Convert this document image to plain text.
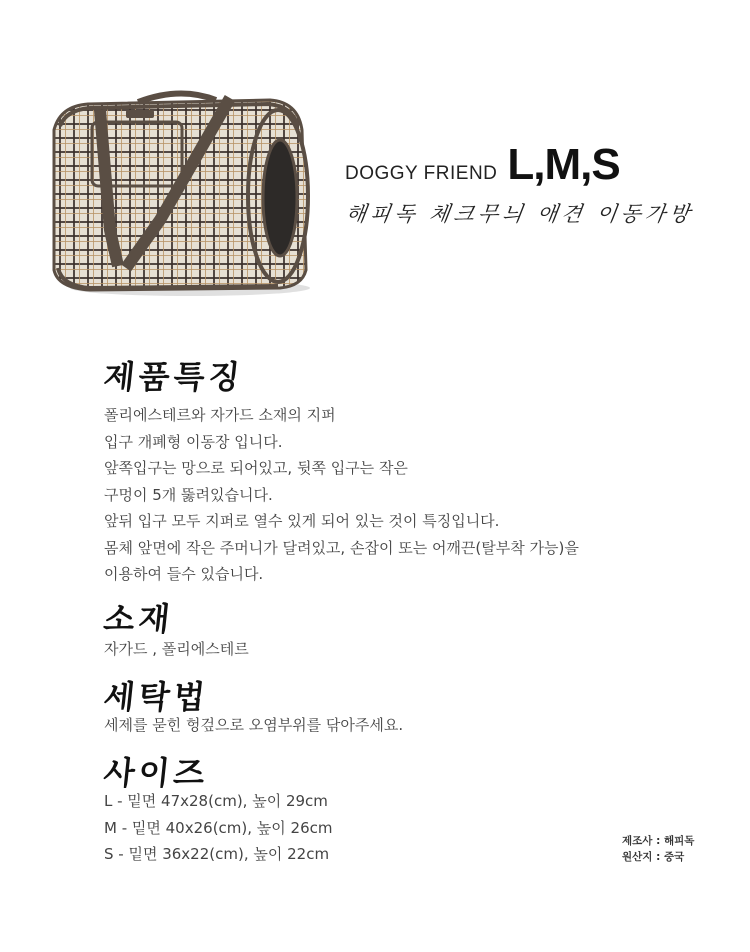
DOGGY FRIEND L,M,S
해피독 체크무늬 애견 이동가방
제품특징
폴리에스테르와 자가드 소재의 지퍼
입구 개폐형 이동장 입니다.
앞쪽입구는 망으로 되어있고, 뒷쪽 입구는 작은
구멍이 5개 뚫려있습니다.
앞뒤 입구 모두 지퍼로 열수 있게 되어 있는 것이 특징입니다.
몸체 앞면에 작은 주머니가 달려있고, 손잡이 또는 어깨끈(탈부착 가능)을
이용하여 들수 있습니다.
소재
자가드 , 폴리에스테르
세탁법
세제를 묻힌 헝겊으로 오염부위를 닦아주세요.
사이즈
L - 밑면 47x28(cm), 높이 29cm
M - 밑면 40x26(cm), 높이 26cm
S - 밑면 36x22(cm), 높이 22cm
제조사 : 해피독
원산지 : 중국
